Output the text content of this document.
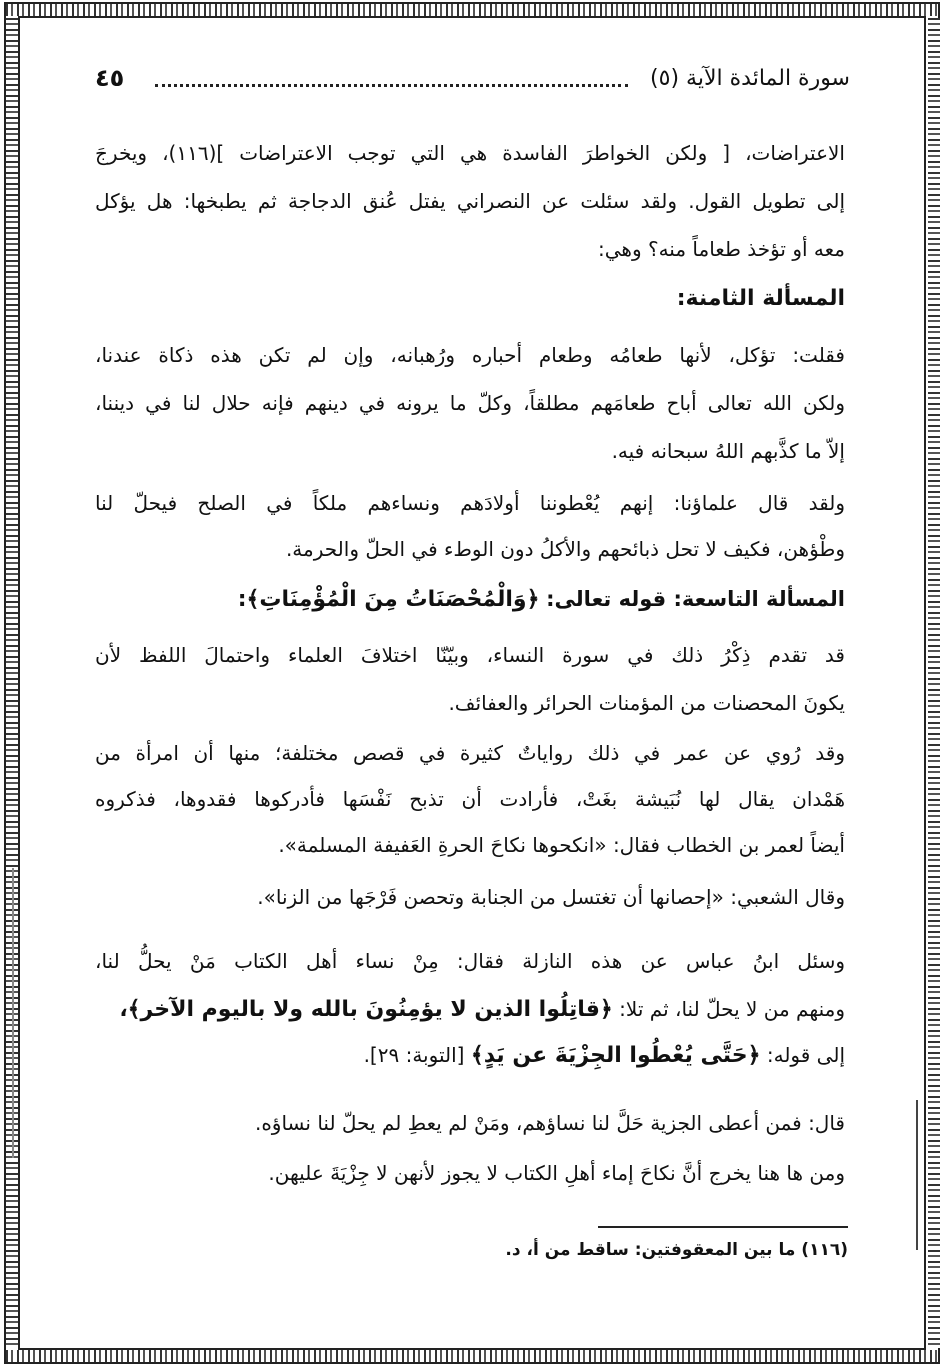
سورة المائدة الآية (٥)
٤٥
الاعتراضات، [ ولكن الخواطرَ الفاسدة هي التي توجب الاعتراضات ](١١٦)، ويخرجَ
إلى تطويل القول. ولقد سئلت عن النصراني يفتل عُنق الدجاجة ثم يطبخها: هل يؤكل
معه أو تؤخذ طعاماً منه؟ وهي:
المسألة الثامنة:
فقلت: تؤكل، لأنها طعامُه وطعام أحباره ورُهبانه، وإن لم تكن هذه ذكاة عندنا،
ولكن الله تعالى أباح طعامَهم مطلقاً، وكلّ ما يرونه في دينهم فإنه حلال لنا في ديننا،
إلاّ ما كذَّبهم اللهُ سبحانه فيه.
ولقد قال علماؤنا: إنهم يُعْطوننا أولادَهم ونساءهم ملكاً في الصلح فيحلّ لنا
وطْؤهن، فكيف لا تحل ذبائحهم والأكلُ دون الوطء في الحلّ والحرمة.
المسألة التاسعة: قوله تعالى: ﴿وَالْمُحْصَنَاتُ مِنَ الْمُؤْمِنَاتِ﴾:
قد تقدم ذِكْرُ ذلك في سورة النساء، وبيّنّا اختلافَ العلماء واحتمالَ اللفظ لأن
يكونَ المحصنات من المؤمنات الحرائر والعفائف.
وقد رُوي عن عمر في ذلك رواياتٌ كثيرة في قصص مختلفة؛ منها أن امرأة من
هَمْدان يقال لها نُبَيشة بغَتْ، فأرادت أن تذبح نَفْسَها فأدركوها فقدوها، فذكروه
أيضاً لعمر بن الخطاب فقال: «انكحوها نكاحَ الحرةِ العَفيفة المسلمة».
وقال الشعبي: «إحصانها أن تغتسل من الجنابة وتحصن فَرْجَها من الزنا».
وسئل ابنُ عباس عن هذه النازلة فقال: مِنْ نساء أهل الكتاب مَنْ يحلُّ لنا،
ومنهم من لا يحلّ لنا، ثم تلا: ﴿قاتِلُوا الذين لا يؤمِنُونَ بالله ولا باليوم الآخر﴾،
إلى قوله: ﴿حَتَّى يُعْطُوا الجِزْيَةَ عن يَدٍ﴾ [التوبة: ٢٩].
قال: فمن أعطى الجزية حَلَّ لنا نساؤهم، ومَنْ لم يعطِ لم يحلّ لنا نساؤه.
ومن ها هنا يخرج أنَّ نكاحَ إماء أهلِ الكتاب لا يجوز لأنهن لا جِزْيَةَ عليهن.
(١١٦) ما بين المعقوفتين: ساقط من أ، د.
